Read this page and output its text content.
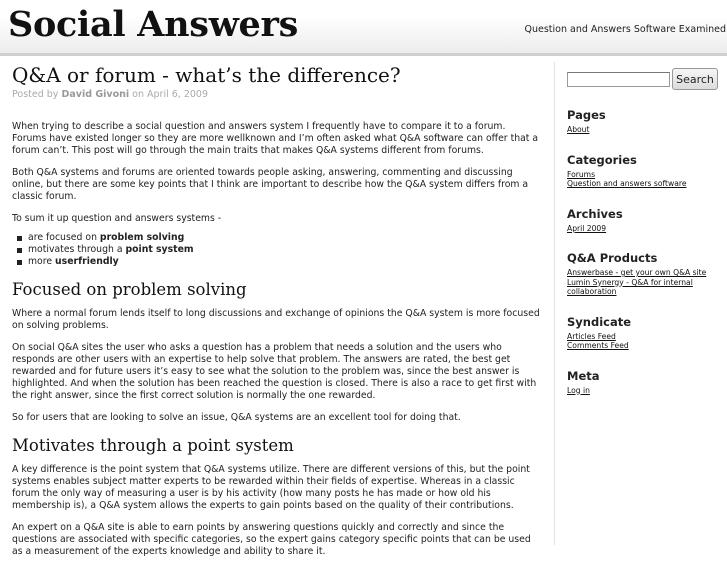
Social Answers	Question and Answers Software Examined
Q&A or forum - what’s the difference?
Posted by David Givoni on April 6, 2009

When trying to describe a social question and answers system I frequently have to compare it to a forum. Forums have existed longer so they are more wellknown and I’m often asked what Q&A software can offer that a forum can’t. This post will go through the main traits that makes Q&A systems different from forums.

Both Q&A systems and forums are oriented towards people asking, answering, commenting and discussing online, but there are some key points that I think are important to describe how the Q&A system differs from a classic forum.

To sum it up question and answers systems -

are focused on problem solving
motivates through a point system
more userfriendly
Focused on problem solving

Where a normal forum lends itself to long discussions and exchange of opinions the Q&A system is more focused on solving problems.

On social Q&A sites the user who asks a question has a problem that needs a solution and the users who responds are other users with an expertise to help solve that problem. The answers are rated, the best get rewarded and for future users it’s easy to see what the solution to the problem was, since the best answer is highlighted. And when the solution has been reached the question is closed. There is also a race to get first with the right answer, since the first correct solution is normally the one rewarded.

So for users that are looking to solve an issue, Q&A systems are an excellent tool for doing that.

Motivates through a point system

A key difference is the point system that Q&A systems utilize. There are different versions of this, but the point systems enables subject matter experts to be rewarded within their fields of expertise. Whereas in a classic forum the only way of measuring a user is by his activity (how many posts he has made or how old his membership is), a Q&A system allows the experts to gain points based on the quality of their contributions.

An expert on a Q&A site is able to earn points by answering questions quickly and correctly and since the questions are associated with specific categories, so the expert gains category specific points that can be used as a measurement of the experts knowledge and ability to share it.

Search
Pages
About
Categories
Forums
Question and answers software
Archives
April 2009
Q&A Products
Answerbase - get your own Q&A site
Lumin Synergy - Q&A for internal collaboration
Syndicate
Articles Feed
Comments Feed
Meta
Log in
